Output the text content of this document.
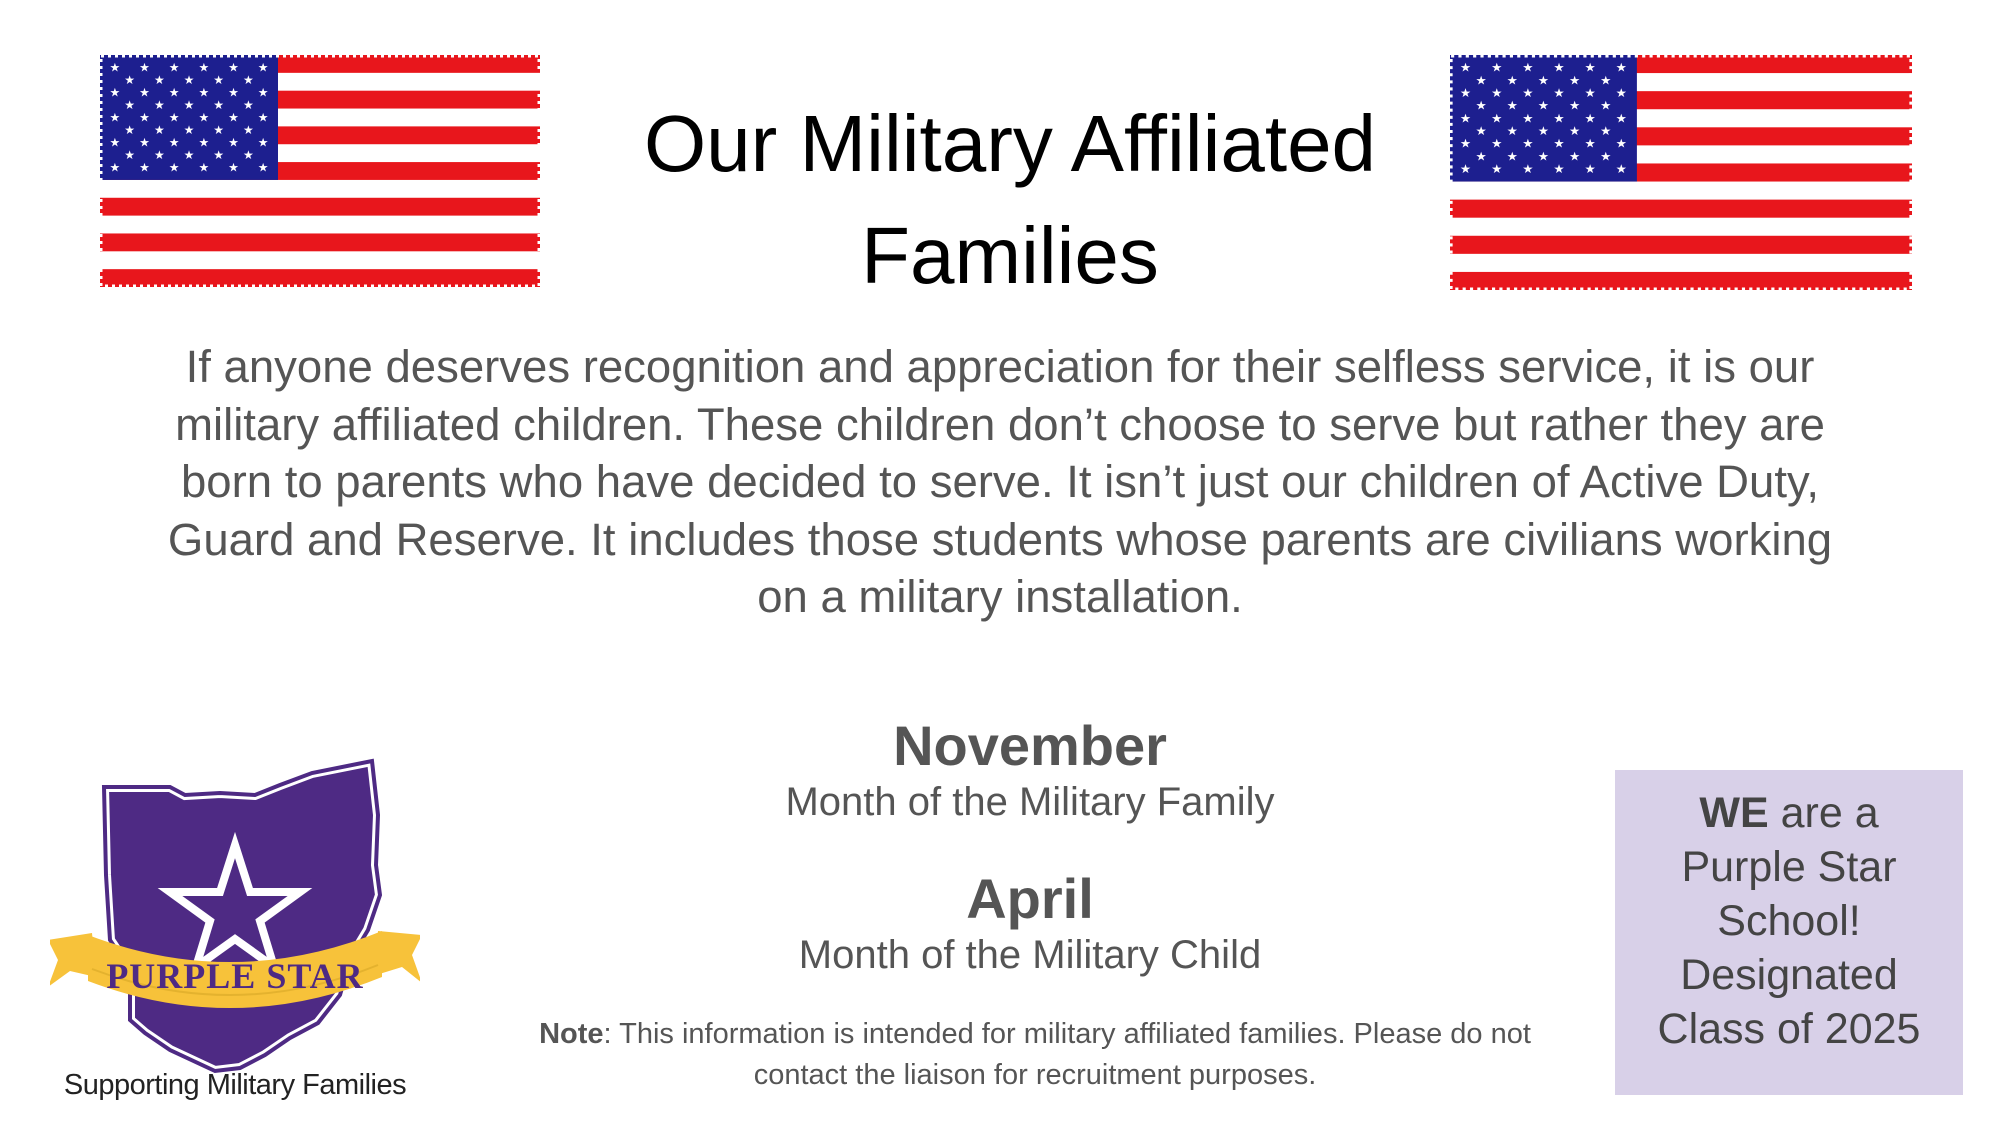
★ ★ ★ ★ ★ ★
★ ★ ★ ★ ★
★ ★ ★ ★ ★ ★
★ ★ ★ ★ ★
★ ★ ★ ★ ★ ★
★ ★ ★ ★ ★
★ ★ ★ ★ ★ ★
★ ★ ★ ★ ★
★ ★ ★ ★ ★ ★	Our Military Affiliated
Families
★ ★ ★ ★ ★ ★
★ ★ ★ ★ ★
★ ★ ★ ★ ★ ★
★ ★ ★ ★ ★
★ ★ ★ ★ ★ ★
★ ★ ★ ★ ★
★ ★ ★ ★ ★ ★
★ ★ ★ ★ ★
★ ★ ★ ★ ★ ★
If anyone deserves recognition and appreciation for their selfless service, it is our
military affiliated children. These children don’t choose to serve but rather they are
born to parents who have decided to serve. It isn’t just our children of Active Duty,
Guard and Reserve. It includes those students whose parents are civilians working
on a military installation.
November
Month of the Military Family
April
Month of the Military Child
Note: This information is intended for military affiliated families. Please do not
contact the liaison for recruitment purposes.
PURPLE STAR
Supporting Military Families
WE are a
Purple Star
School!
Designated
Class of 2025
